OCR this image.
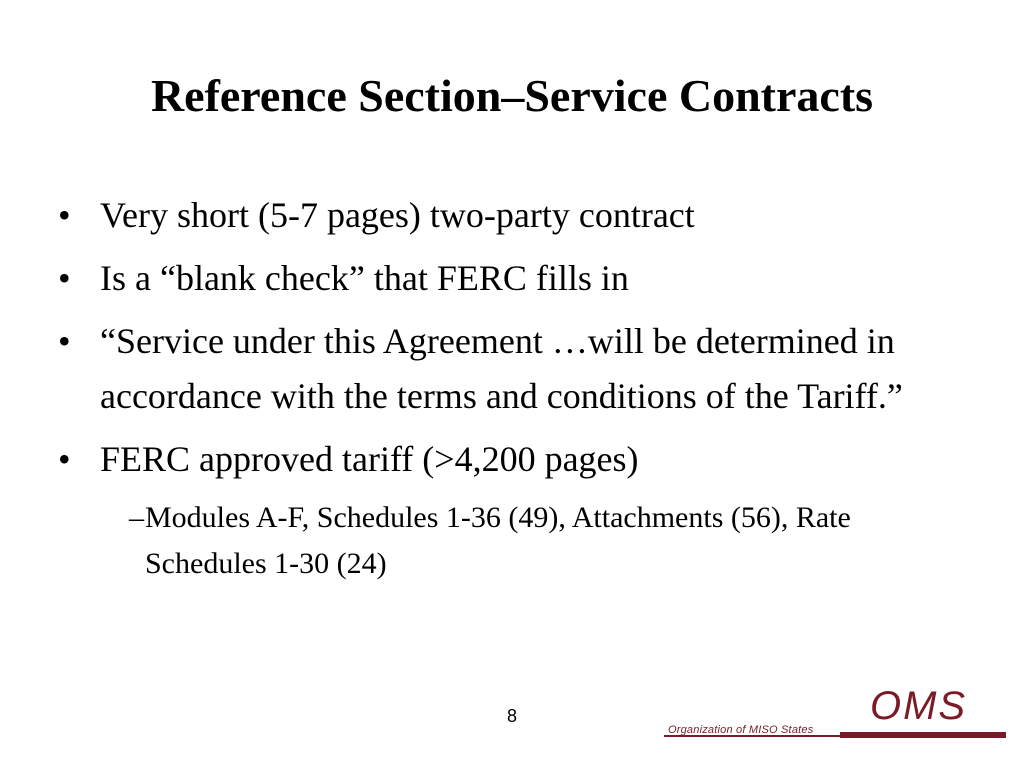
Reference Section–Service Contracts
• Very short (5-7 pages) two-party contract
• Is a “blank check” that FERC fills in
• “Service under this Agreement …will be determined in accordance with the terms and conditions of the Tariff.”
• FERC approved tariff (>4,200 pages)
– Modules A-F, Schedules 1-36 (49), Attachments (56), Rate Schedules 1-30 (24)
8	OMS
Organization of MISO States
